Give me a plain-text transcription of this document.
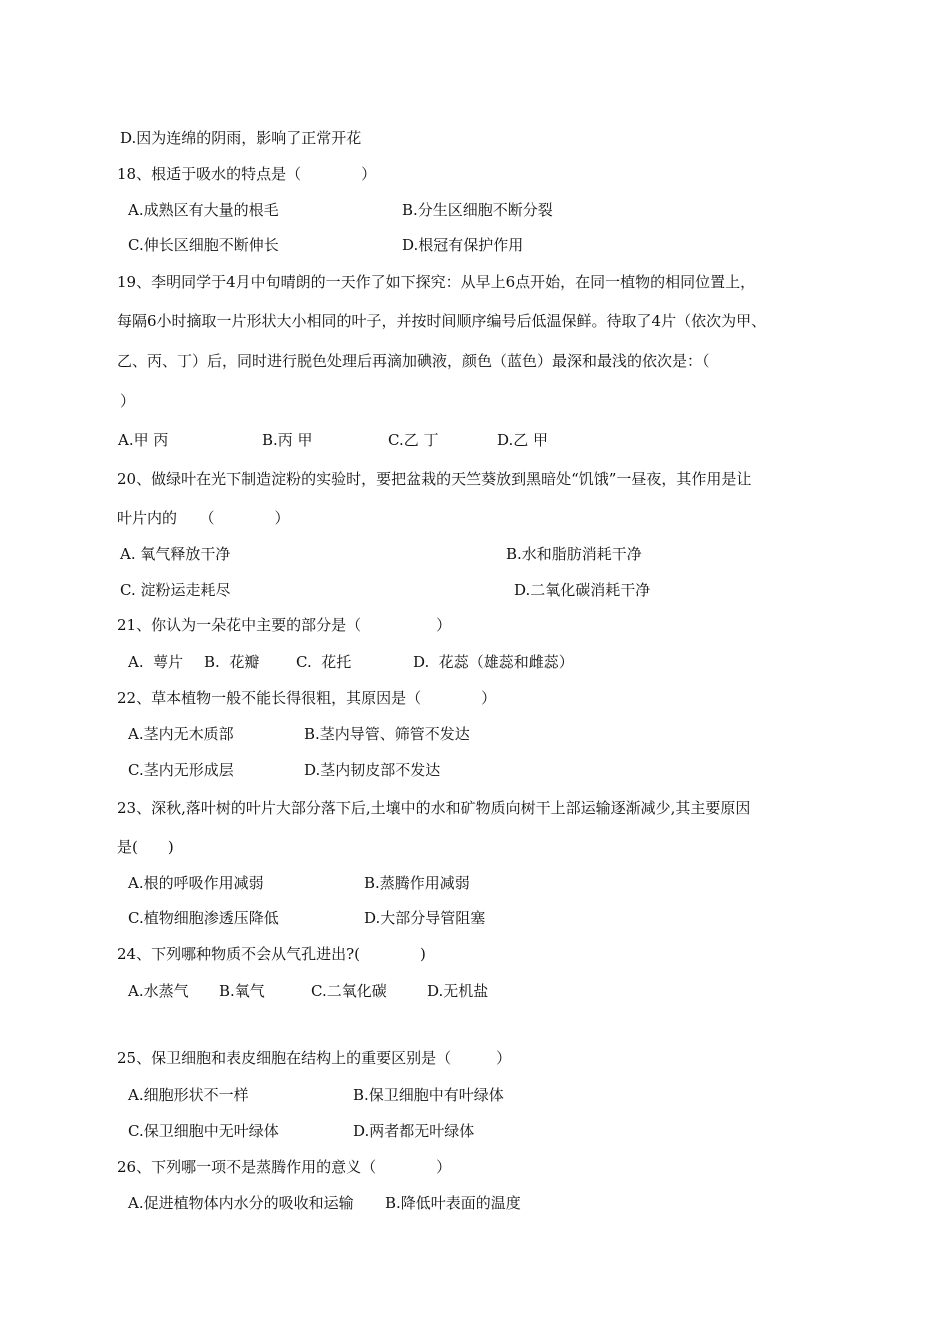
D.因为连绵的阴雨，影响了正常开花
18、根适于吸水的特点是（　　　　）
A.成熟区有大量的根毛	B.分生区细胞不断分裂
C.伸长区细胞不断伸长	D.根冠有保护作用
19、李明同学于4月中旬晴朗的一天作了如下探究：从早上6点开始，在同一植物的相同位置上，
每隔6小时摘取一片形状大小相同的叶子，并按时间顺序编号后低温保鲜。待取了4片（依次为甲、
乙、丙、丁）后，同时进行脱色处理后再滴加碘液，颜色（蓝色）最深和最浅的依次是：（
）
A.甲 丙	B.丙 甲	C.乙 丁	D.乙 甲
20、做绿叶在光下制造淀粉的实验时，要把盆栽的天竺葵放到黑暗处“饥饿”一昼夜，其作用是让
叶片内的　　（　　　　）
A. 氧气释放干净	B.水和脂肪消耗干净
C. 淀粉运走耗尽	D.二氧化碳消耗干净
21、你认为一朵花中主要的部分是（　　　　　）
A.  萼片 B.  花瓣 C.  花托	D.  花蕊（雄蕊和雌蕊）
22、草本植物一般不能长得很粗，其原因是（　　　　）
A.茎内无木质部	B.茎内导管、筛管不发达
C.茎内无形成层	D.茎内韧皮部不发达
23、深秋,落叶树的叶片大部分落下后,土壤中的水和矿物质向树干上部运输逐渐减少,其主要原因
是(　　)
A.根的呼吸作用减弱	B.蒸腾作用减弱
C.植物细胞渗透压降低	D.大部分导管阻塞
24、下列哪种物质不会从气孔进出?(　　　　)
A.水蒸气 B.氧气	C.二氧化碳	D.无机盐
25、保卫细胞和表皮细胞在结构上的重要区别是（　　　）
A.细胞形状不一样	B.保卫细胞中有叶绿体
C.保卫细胞中无叶绿体	D.两者都无叶绿体
26、下列哪一项不是蒸腾作用的意义（　　　　）
A.促进植物体内水分的吸收和运输 B.降低叶表面的温度
